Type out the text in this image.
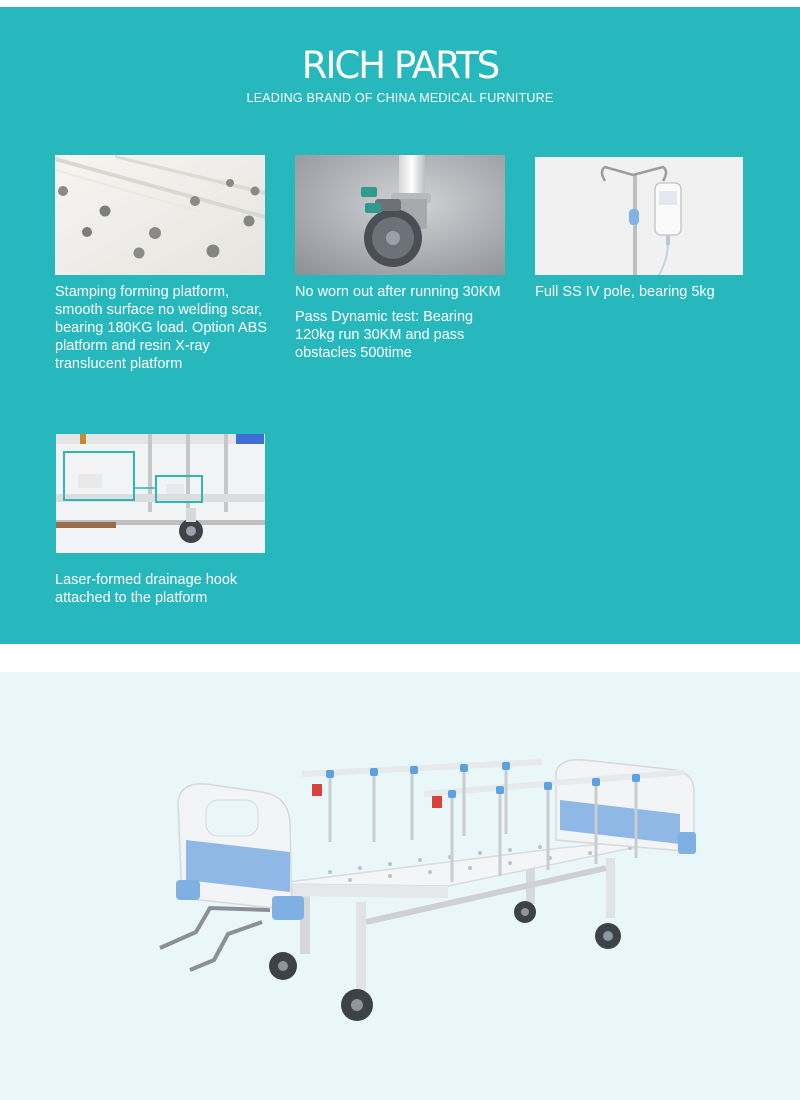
RICH PARTS
LEADING BRAND OF CHINA MEDICAL FURNITURE
Stamping forming platform, smooth surface no welding scar, bearing 180KG load. Option ABS platform and resin X-ray translucent platform
No worn out after running 30KM
Pass Dynamic test: Bearing 120kg run 30KM and pass obstacles 500time
Full SS IV pole, bearing 5kg
Laser-formed drainage hook attached to the platform
